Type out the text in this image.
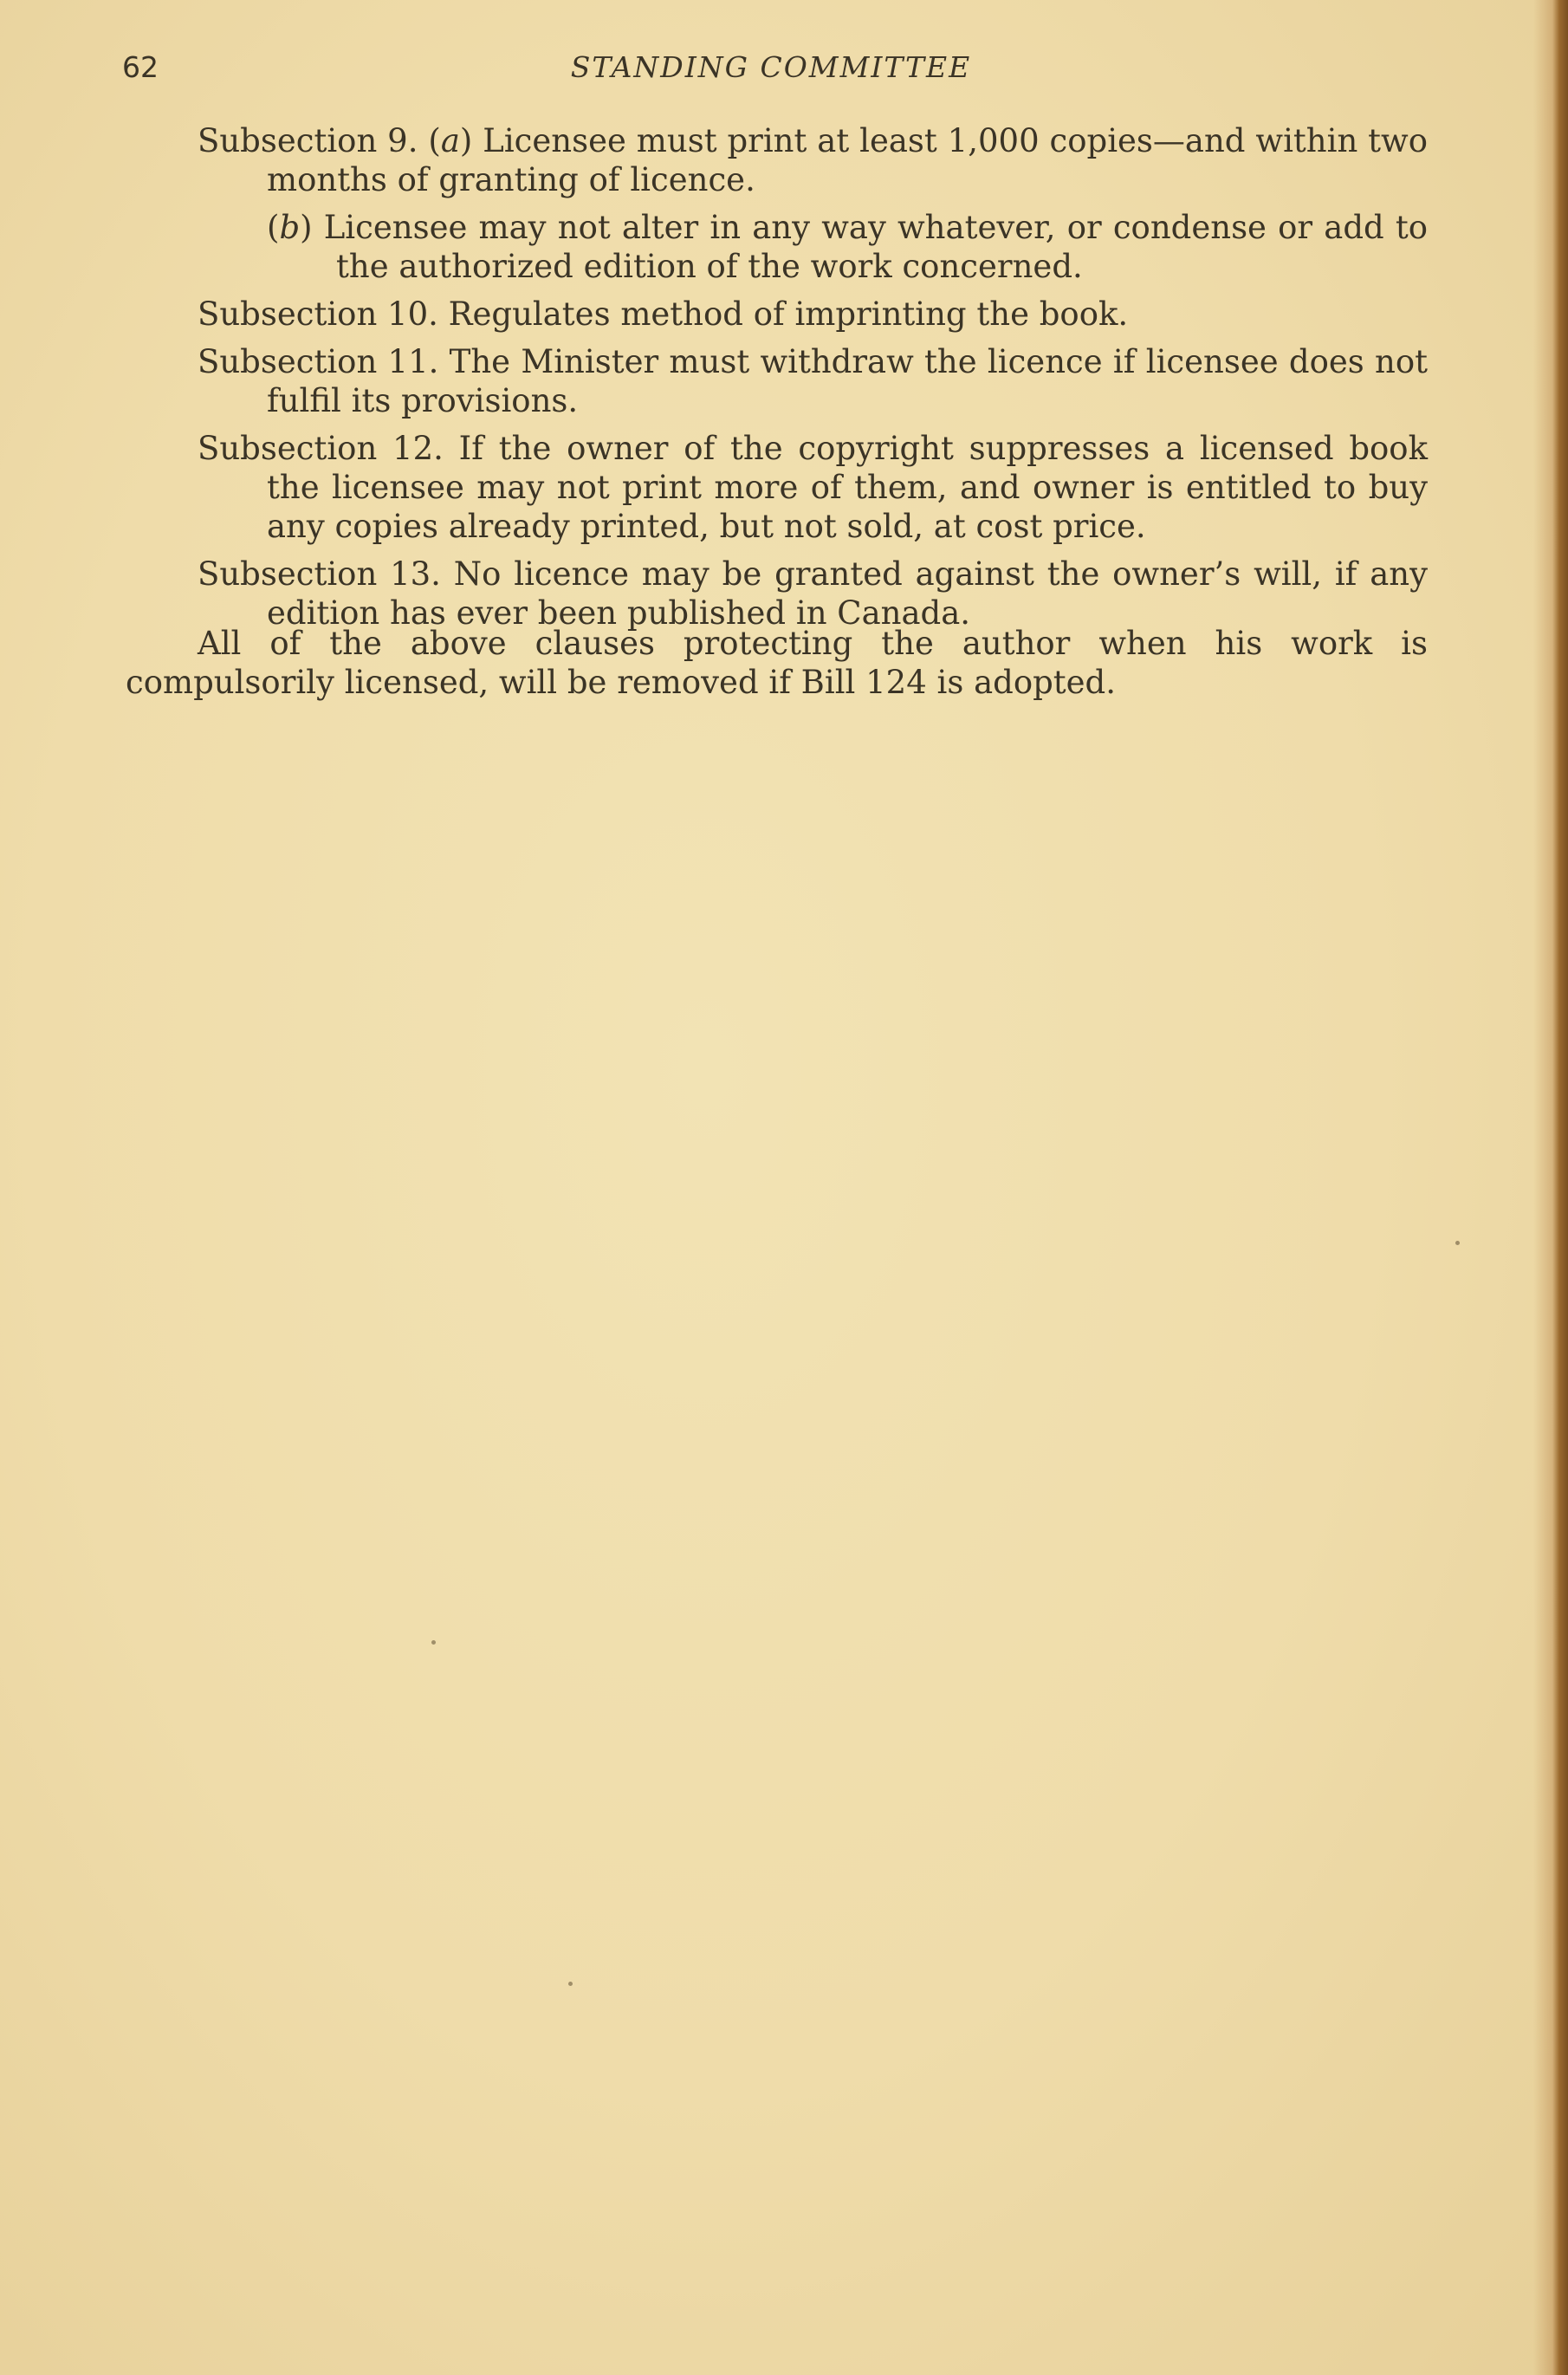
62	STANDING COMMITTEE

Subsection 9. (a) Licensee must print at least 1,000 copies—and within two months of granting of licence.

(b) Licensee may not alter in any way whatever, or condense or add to the authorized edition of the work concerned.

Subsection 10. Regulates method of imprinting the book.

Subsection 11. The Minister must withdraw the licence if licensee does not fulfil its provisions.

Subsection 12. If the owner of the copyright suppresses a licensed book the licensee may not print more of them, and owner is entitled to buy any copies already printed, but not sold, at cost price.

Subsection 13. No licence may be granted against the owner’s will, if any edition has ever been published in Canada.

All of the above clauses protecting the author when his work is compulsorily licensed, will be removed if Bill 124 is adopted.
